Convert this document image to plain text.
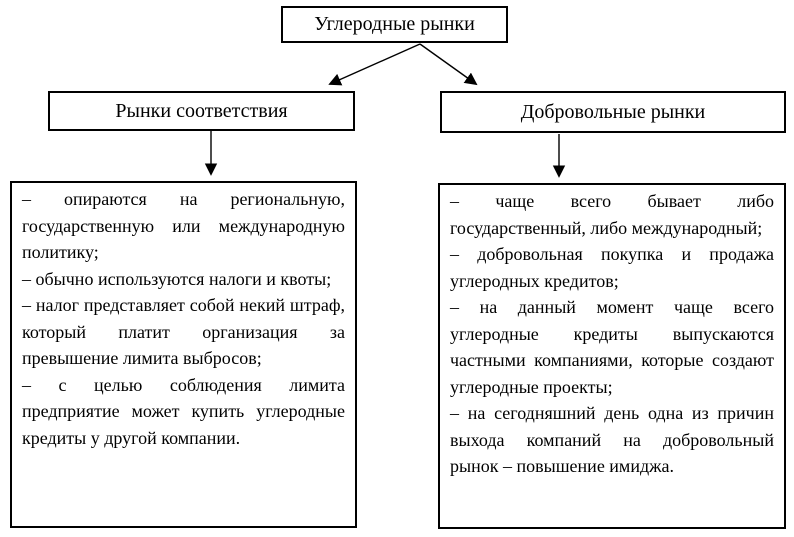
Углеродные рынки
Рынки соответствия	Добровольные рынки

– опираются на региональную, государственную или международную политику;

– обычно используются налоги и квоты;

– налог представляет собой некий штраф, который платит организация за превышение лимита выбросов;

– с целью соблюдения лимита предприятие может купить углеродные кредиты у другой компании.

– чаще всего бывает либо государственный, либо международный;

– добровольная покупка и продажа углеродных кредитов;

– на данный момент чаще всего углеродные кредиты выпускаются частными компаниями, которые создают углеродные проекты;

– на сегодняшний день одна из причин выхода компаний на добровольный рынок – повышение имиджа.
